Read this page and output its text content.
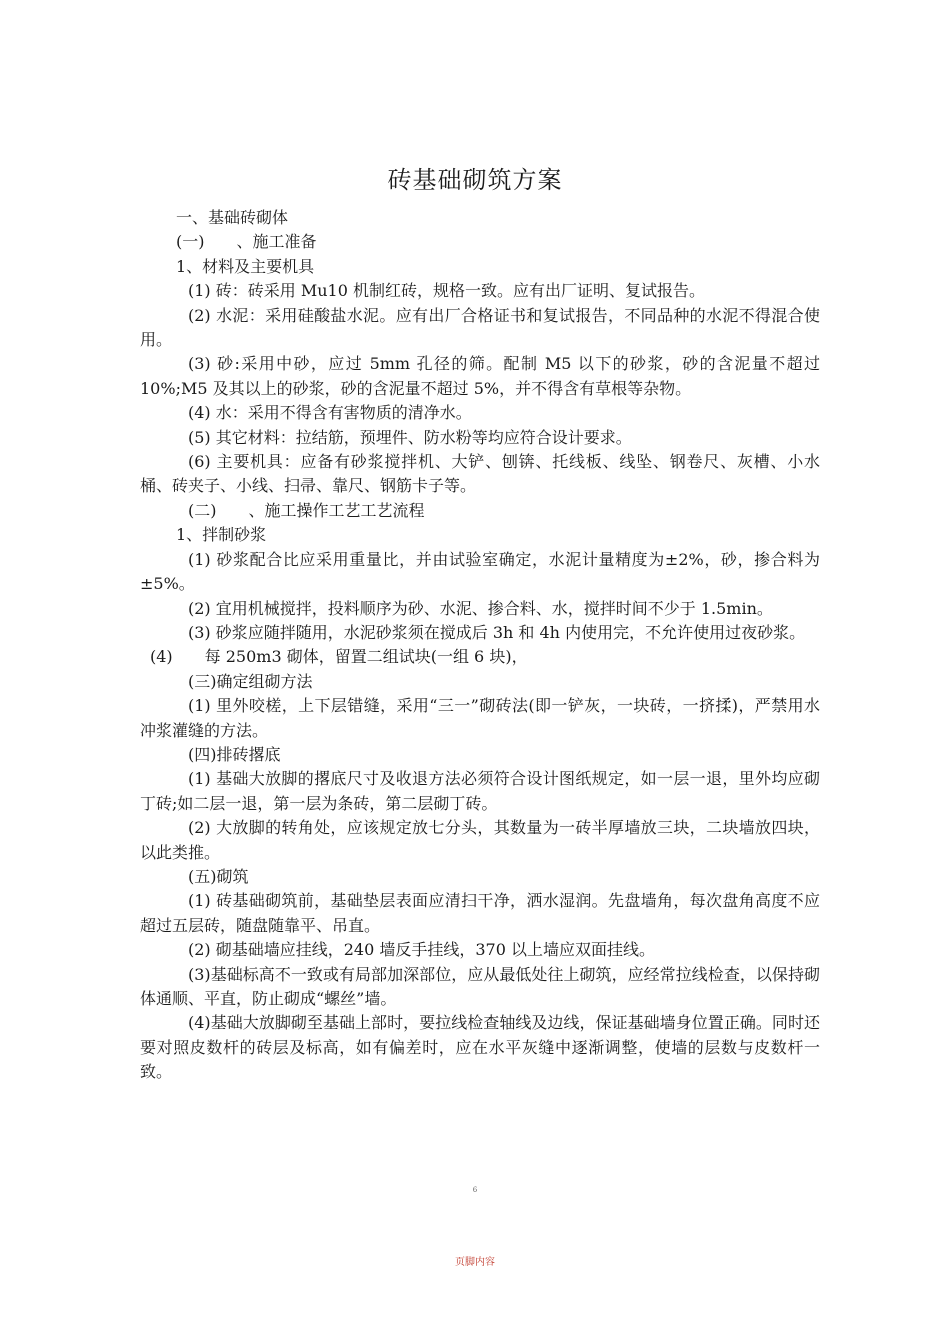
砖基础砌筑方案

一、基础砖砌体

(一)　　、施工准备

1、材料及主要机具

(1) 砖：砖采用 Mu10 机制红砖，规格一致。应有出厂证明、复试报告。

(2) 水泥：采用硅酸盐水泥。应有出厂合格证书和复试报告，不同品种的水泥不得混合使用。

(3) 砂:采用中砂，应过 5mm 孔径的筛。配制 M5 以下的砂浆，砂的含泥量不超过 10%;M5 及其以上的砂浆，砂的含泥量不超过 5%，并不得含有草根等杂物。

(4) 水：采用不得含有害物质的清净水。

(5) 其它材料：拉结筋，预埋件、防水粉等均应符合设计要求。

(6) 主要机具：应备有砂浆搅拌机、大铲、刨锛、托线板、线坠、钢卷尺、灰槽、小水桶、砖夹子、小线、扫帚、靠尺、钢筋卡子等。

(二)　　、施工操作工艺工艺流程

1、拌制砂浆

(1) 砂浆配合比应采用重量比，并由试验室确定，水泥计量精度为±2%，砂，掺合料为±5%。

(2) 宜用机械搅拌，投料顺序为砂、水泥、掺合料、水，搅拌时间不少于 1.5min。

(3) 砂浆应随拌随用，水泥砂浆须在搅成后 3h 和 4h 内使用完，不允许使用过夜砂浆。

(4)　　每 250m3 砌体，留置二组试块(一组 6 块)，

(三)确定组砌方法

(1) 里外咬槎，上下层错缝，采用“三一”砌砖法(即一铲灰，一块砖，一挤揉)，严禁用水冲浆灌缝的方法。

(四)排砖撂底

(1) 基础大放脚的撂底尺寸及收退方法必须符合设计图纸规定，如一层一退，里外均应砌丁砖;如二层一退，第一层为条砖，第二层砌丁砖。

(2) 大放脚的转角处，应该规定放七分头，其数量为一砖半厚墙放三块，二块墙放四块，以此类推。

(五)砌筑

(1) 砖基础砌筑前，基础垫层表面应清扫干净，洒水湿润。先盘墙角，每次盘角高度不应超过五层砖，随盘随靠平、吊直。

(2) 砌基础墙应挂线，240 墙反手挂线，370 以上墙应双面挂线。

(3)基础标高不一致或有局部加深部位，应从最低处往上砌筑，应经常拉线检查，以保持砌体通顺、平直，防止砌成“螺丝”墙。

(4)基础大放脚砌至基础上部时，要拉线检查轴线及边线，保证基础墙身位置正确。同时还要对照皮数杆的砖层及标高，如有偏差时，应在水平灰缝中逐渐调整，使墙的层数与皮数杆一致。

6
页脚内容
